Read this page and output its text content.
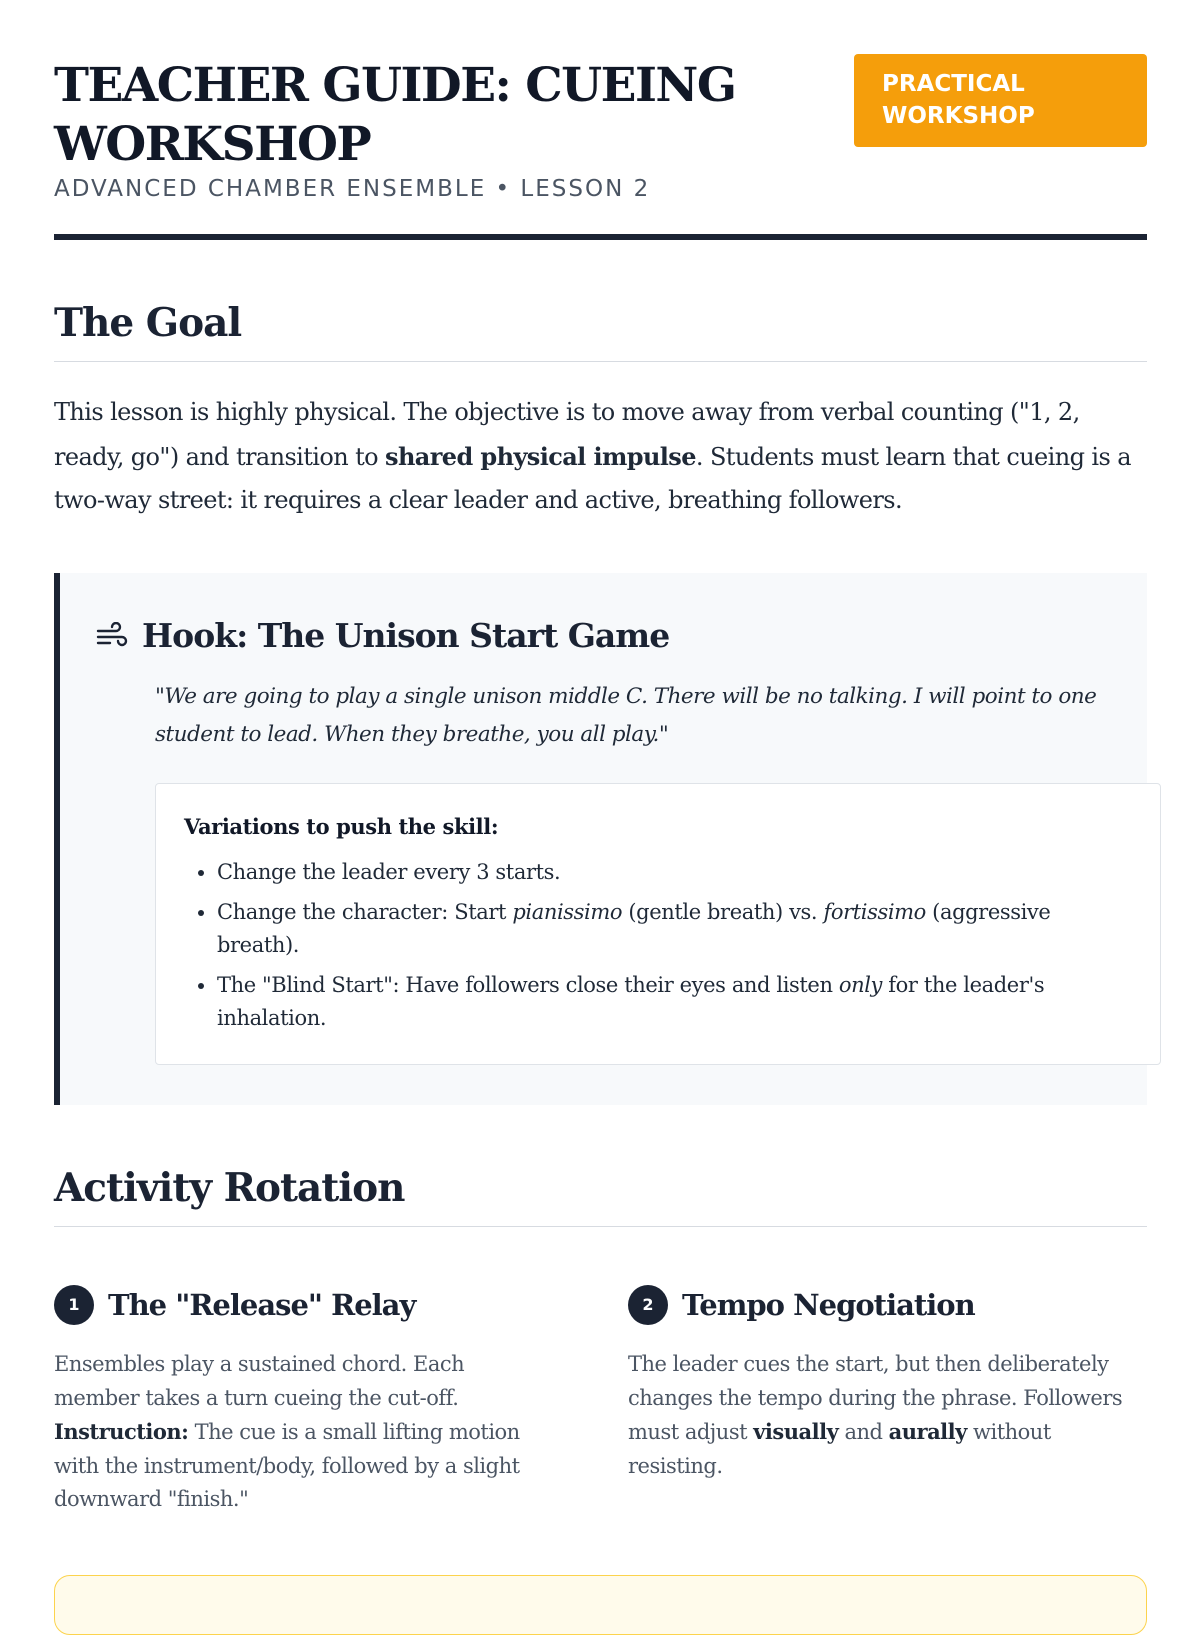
TEACHER GUIDE: CUEING WORKSHOP
ADVANCED CHAMBER ENSEMBLE • LESSON 2
PRACTICAL WORKSHOP
The Goal

This lesson is highly physical. The objective is to move away from verbal counting ("1, 2, ready, go") and transition to shared physical impulse. Students must learn that cueing is a two-way street: it requires a clear leader and active, breathing followers.

Hook: The Unison Start Game

"We are going to play a single unison middle C. There will be no talking. I will point to one student to lead. When they breathe, you all play."

Variations to push the skill:

• Change the leader every 3 starts.
• Change the character: Start pianissimo (gentle breath) vs. fortissimo (aggressive breath).
• The "Blind Start": Have followers close their eyes and listen only for the leader's inhalation.
Activity Rotation
1 The "Release" Relay

Ensembles play a sustained chord. Each member takes a turn cueing the cut-off. Instruction: The cue is a small lifting motion with the instrument/body, followed by a slight downward "finish."

2 Tempo Negotiation

The leader cues the start, but then deliberately changes the tempo during the phrase. Followers must adjust visually and aurally without resisting.
